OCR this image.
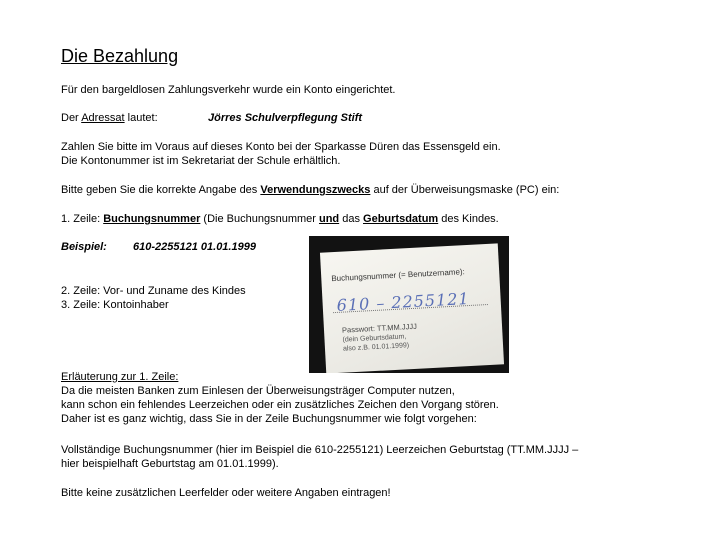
Die Bezahlung
Für den bargeldlosen Zahlungsverkehr wurde ein Konto eingerichtet.
Der Adressat lautet:	Jörres Schulverpflegung Stift
Zahlen Sie bitte im Voraus auf dieses Konto bei der Sparkasse Düren das Essensgeld ein.
Die Kontonummer ist im Sekretariat der Schule erhältlich.
Bitte geben Sie die korrekte Angabe des Verwendungszwecks auf der Überweisungsmaske (PC) ein:
1. Zeile: Buchungsnummer (Die Buchungsnummer und das Geburtsdatum des Kindes.
Beispiel: 610-2255121 01.01.1999
Buchungsnummer (= Benutzername):
610 – 2255121
Passwort: TT.MM.JJJJ
(dein Geburtsdatum,
also z.B. 01.01.1999)
2. Zeile: Vor- und Zuname des Kindes
3. Zeile: Kontoinhaber
Erläuterung zur 1. Zeile:
Da die meisten Banken zum Einlesen der Überweisungsträger Computer nutzen,
kann schon ein fehlendes Leerzeichen oder ein zusätzliches Zeichen den Vorgang stören.
Daher ist es ganz wichtig, dass Sie in der Zeile Buchungsnummer wie folgt vorgehen:
Vollständige Buchungsnummer (hier im Beispiel die 610-2255121) Leerzeichen Geburtstag (TT.MM.JJJJ –
hier beispielhaft Geburtstag am 01.01.1999).
Bitte keine zusätzlichen Leerfelder oder weitere Angaben eintragen!
